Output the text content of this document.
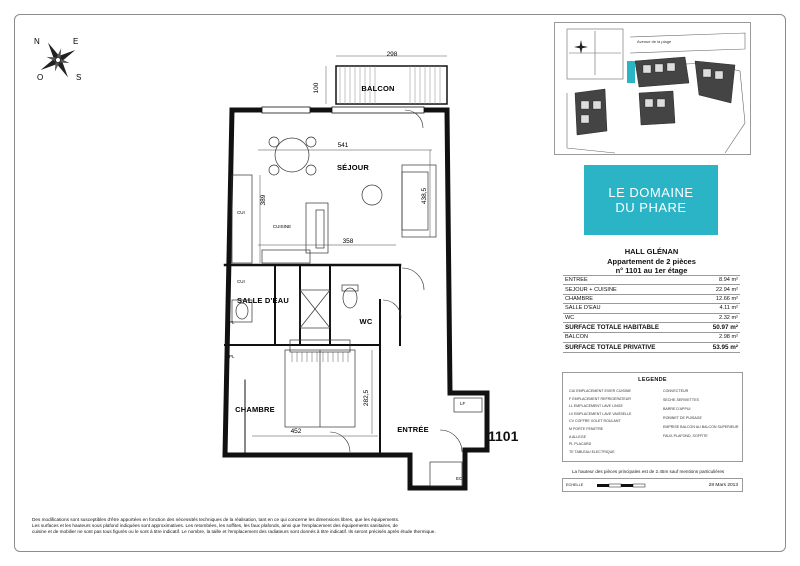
N	E
S
O
BALCON
SÉJOUR
CUISINE
SALLE D'EAU
WC
CHAMBRE
ENTRÉE
298
100
541
389	438,5
358
452
282,5
CUI
CUI
PL
PL
EC
LF
1101
Avenue de la plage
LE DOMAINE
DU PHARE
HALL GLÉNAN
Appartement de 2 pièces
n° 1101 au 1er étage
ENTREE	8.94 m²
SEJOUR + CUISINE	22.94 m²
CHAMBRE	12.66 m²
SALLE D'EAU	4.11 m²
WC	2.32 m²
SURFACE TOTALE HABITABLE	50.97 m²
BALCON	2.98 m²
SURFACE TOTALE PRIVATIVE	53.95 m²
LEGENDE
CUI EMPLACEMENT EVIER CUISINE
F EMPLACEMENT REFRIGERATEUR
LL EMPLACEMENT LAVE LINGE
LV EMPLACEMENT LAVE VAISSELLE
CV COFFRE VOLET ROULANT
M PORTE FENETRE
A ALLEGE
PL PLACARD
TE TABLEAU ELECTRIQUE
CONVECTEUR
SECHE-SERVIETTES
BARRE D'APPUI
ROBINET DE PUISAGE
EMPRISE BALCON AU BALCON SUPERIEUR
FAUX-PLAFOND, SOFFITE
La hauteur des pièces principales est de 2.45m sauf mentions particulières
ECHELLE	28 Mars 2013
Des modifications sont susceptibles d'être apportées en fonction des nécessités techniques de la réalisation, tant en ce qui concerne les dimensions libres, que les équipements.
Les surfaces et les hauteurs sous plafond indiquées sont approximatives. Les retombées, les soffites, les faux plafonds, ainsi que l'emplacement des équipements sanitaires, de
cuisine et de mobilier ne sont pas tous figurés ou le sont à titre indicatif. Le nombre, la taille et l'emplacement des radiateurs sont donnés à titre indicatif. Ils seront précisés après étude thermique.
